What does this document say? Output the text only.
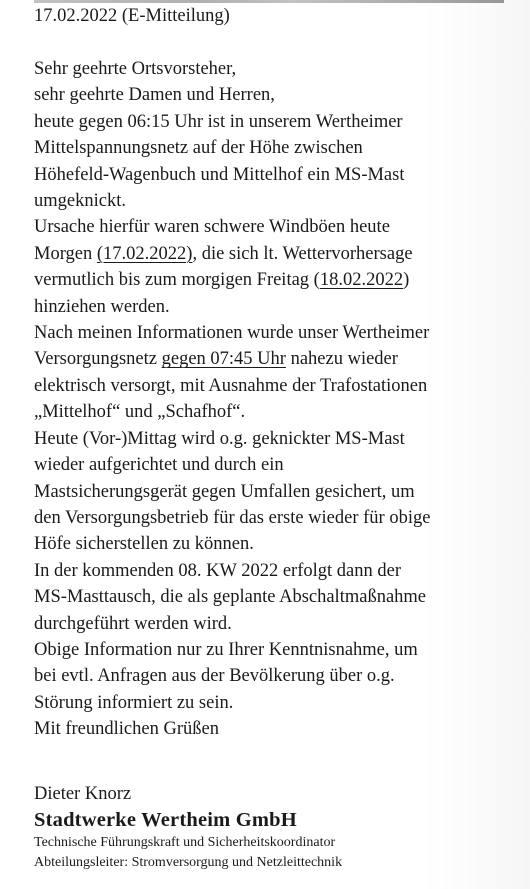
17.02.2022 (E-Mitteilung)
Sehr geehrte Ortsvorsteher,
sehr geehrte Damen und Herren,
heute gegen 06:15 Uhr ist in unserem Wertheimer
Mittelspannungsnetz auf der Höhe zwischen
Höhefeld-Wagenbuch und Mittelhof ein MS-Mast
umgeknickt.
Ursache hierfür waren schwere Windböen heute
Morgen (17.02.2022), die sich lt. Wettervorhersage
vermutlich bis zum morgigen Freitag (18.02.2022)
hinziehen werden.
Nach meinen Informationen wurde unser Wertheimer
Versorgungsnetz gegen 07:45 Uhr nahezu wieder
elektrisch versorgt, mit Ausnahme der Trafostationen
„Mittelhof“ und „Schafhof“.
Heute (Vor-)Mittag wird o.g. geknickter MS-Mast
wieder aufgerichtet und durch ein
Mastsicherungsgerät gegen Umfallen gesichert, um
den Versorgungsbetrieb für das erste wieder für obige
Höfe sicherstellen zu können.
In der kommenden 08. KW 2022 erfolgt dann der
MS-Masttausch, die als geplante Abschaltmaßnahme
durchgeführt werden wird.
Obige Information nur zu Ihrer Kenntnisnahme, um
bei evtl. Anfragen aus der Bevölkerung über o.g.
Störung informiert zu sein.
Mit freundlichen Grüßen
Dieter Knorz
Stadtwerke Wertheim GmbH
Technische Führungskraft und Sicherheitskoordinator
Abteilungsleiter: Stromversorgung und Netzleittechnik
